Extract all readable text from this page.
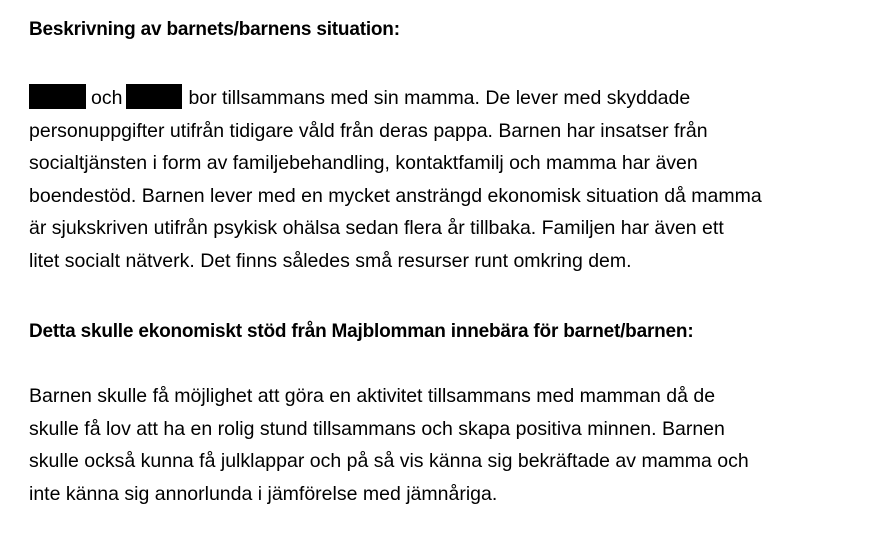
Beskrivning av barnets/barnens situation:
och	bor tillsammans med sin mamma. De lever med skyddade
personuppgifter utifrån tidigare våld från deras pappa. Barnen har insatser från
socialtjänsten i form av familjebehandling, kontaktfamilj och mamma har även
boendestöd. Barnen lever med en mycket ansträngd ekonomisk situation då mamma
är sjukskriven utifrån psykisk ohälsa sedan flera år tillbaka. Familjen har även ett
litet socialt nätverk. Det finns således små resurser runt omkring dem.
Detta skulle ekonomiskt stöd från Majblomman innebära för barnet/barnen:
Barnen skulle få möjlighet att göra en aktivitet tillsammans med mamman då de
skulle få lov att ha en rolig stund tillsammans och skapa positiva minnen. Barnen
skulle också kunna få julklappar och på så vis känna sig bekräftade av mamma och
inte känna sig annorlunda i jämförelse med jämnåriga.
